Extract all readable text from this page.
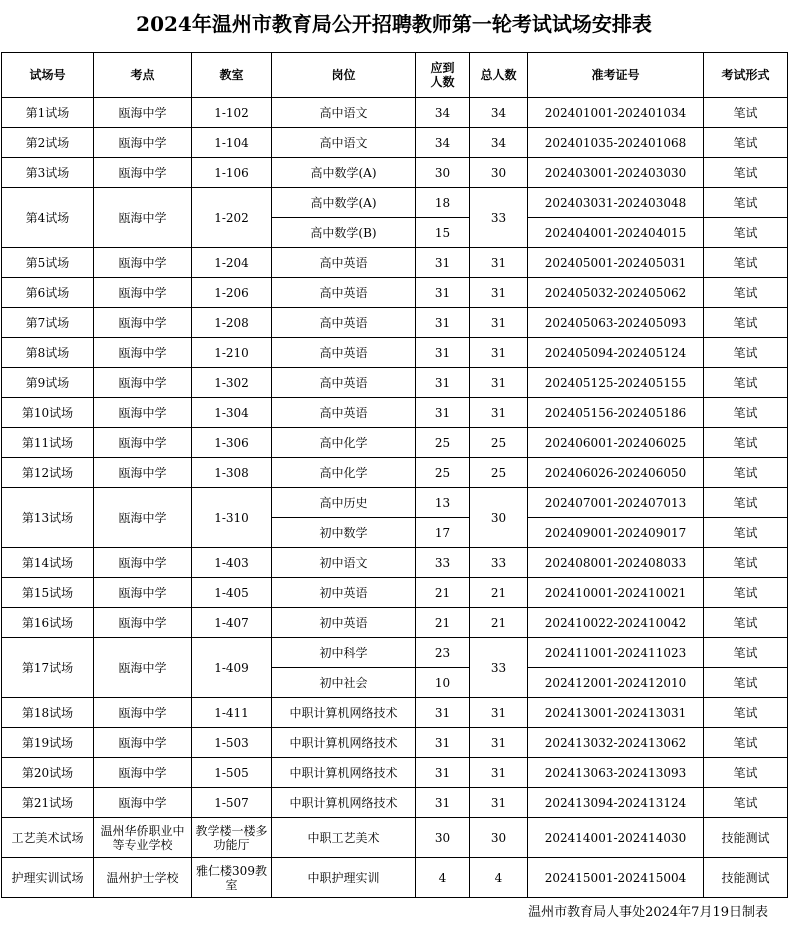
2024年温州市教育局公开招聘教师第一轮考试试场安排表
试场号	考点	教室	岗位	应到人数	总人数	准考证号	考试形式
第1试场	瓯海中学	1-102	高中语文	34	34	202401001-202401034	笔试
第2试场	瓯海中学	1-104	高中语文	34	34	202401035-202401068	笔试
第3试场	瓯海中学	1-106	高中数学(A)	30	30	202403001-202403030	笔试
第4试场	瓯海中学	1-202	高中数学(A)	18	33	202403031-202403048	笔试
			高中数学(B)	15		202404001-202404015	笔试
第5试场	瓯海中学	1-204	高中英语	31	31	202405001-202405031	笔试
第6试场	瓯海中学	1-206	高中英语	31	31	202405032-202405062	笔试
第7试场	瓯海中学	1-208	高中英语	31	31	202405063-202405093	笔试
第8试场	瓯海中学	1-210	高中英语	31	31	202405094-202405124	笔试
第9试场	瓯海中学	1-302	高中英语	31	31	202405125-202405155	笔试
第10试场	瓯海中学	1-304	高中英语	31	31	202405156-202405186	笔试
第11试场	瓯海中学	1-306	高中化学	25	25	202406001-202406025	笔试
第12试场	瓯海中学	1-308	高中化学	25	25	202406026-202406050	笔试
第13试场	瓯海中学	1-310	高中历史	13	30	202407001-202407013	笔试
			初中数学	17		202409001-202409017	笔试
第14试场	瓯海中学	1-403	初中语文	33	33	202408001-202408033	笔试
第15试场	瓯海中学	1-405	初中英语	21	21	202410001-202410021	笔试
第16试场	瓯海中学	1-407	初中英语	21	21	202410022-202410042	笔试
第17试场	瓯海中学	1-409	初中科学	23	33	202411001-202411023	笔试
			初中社会	10		202412001-202412010	笔试
第18试场	瓯海中学	1-411	中职计算机网络技术	31	31	202413001-202413031	笔试
第19试场	瓯海中学	1-503	中职计算机网络技术	31	31	202413032-202413062	笔试
第20试场	瓯海中学	1-505	中职计算机网络技术	31	31	202413063-202413093	笔试
第21试场	瓯海中学	1-507	中职计算机网络技术	31	31	202413094-202413124	笔试
工艺美术试场	温州华侨职业中等专业学校	教学楼一楼多功能厅	中职工艺美术	30	30	202414001-202414030	技能测试
护理实训试场	温州护士学校	雅仁楼309教室	中职护理实训	4	4	202415001-202415004	技能测试
温州市教育局人事处2024年7月19日制表
